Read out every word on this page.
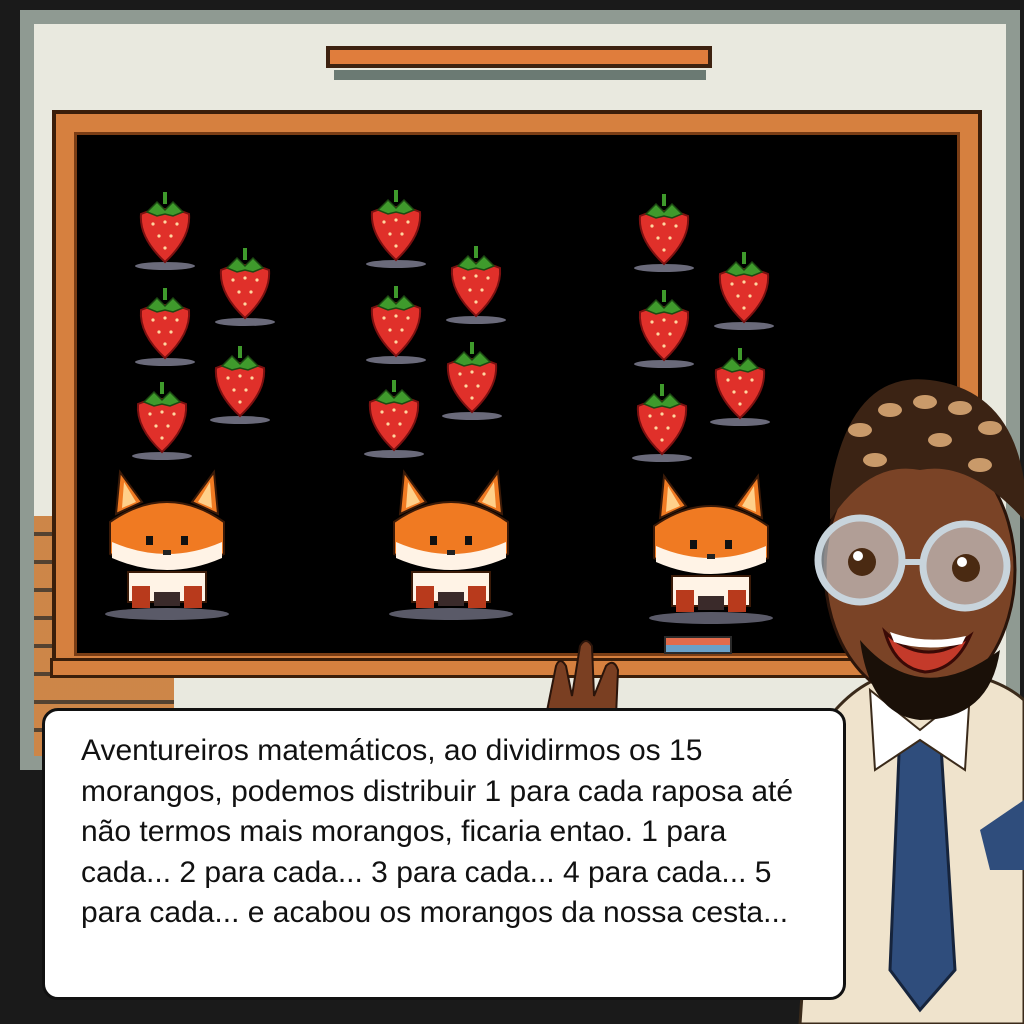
Aventureiros matemáticos, ao dividirmos os 15 morangos, podemos distribuir 1 para cada raposa até não termos mais morangos, ficaria entao. 1 para cada... 2 para cada... 3 para cada... 4 para cada... 5 para cada... e acabou os morangos da nossa cesta...
